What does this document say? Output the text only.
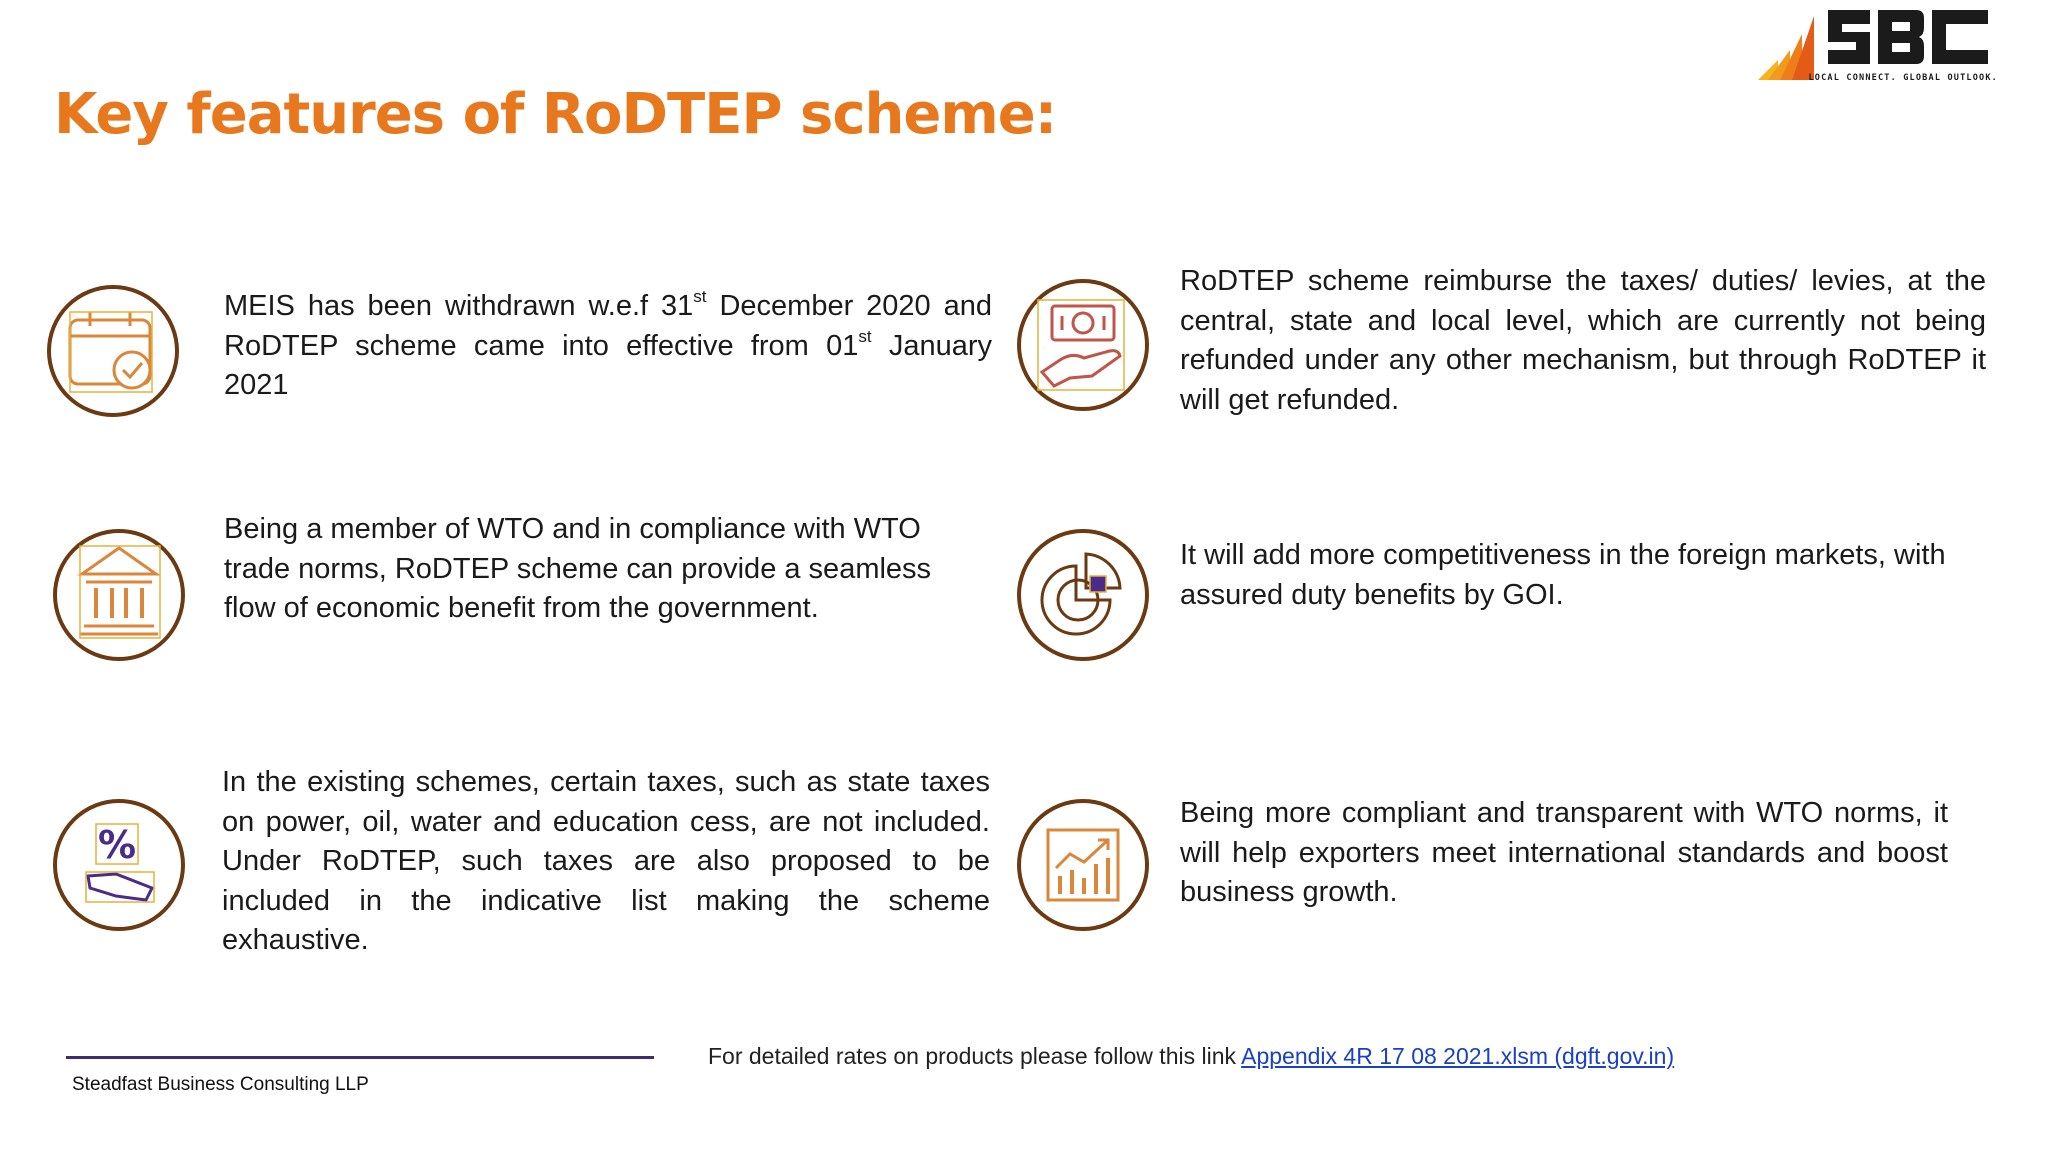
Key features of RoDTEP scheme:
LOCAL CONNECT. GLOBAL OUTLOOK.

MEIS has been withdrawn w.e.f 31st December 2020 and RoDTEP scheme came into effective from 01st January 2021

RoDTEP scheme reimburse the taxes/ duties/ levies, at the central, state and local level, which are currently not being refunded under any other mechanism, but through RoDTEP it will get refunded.

Being a member of WTO and in compliance with WTO trade norms, RoDTEP scheme can provide a seamless flow of economic benefit from the government.

It will add more competitiveness in the foreign markets, with assured duty benefits by GOI.

%

In the existing schemes, certain taxes, such as state taxes on power, oil, water and education cess, are not included. Under RoDTEP, such taxes are also proposed to be included in the indicative list making the scheme exhaustive.

Being more compliant and transparent with WTO norms, it will help exporters meet international standards and boost business growth.

Steadfast Business Consulting LLP
For detailed rates on products please follow this link Appendix 4R 17 08 2021.xlsm (dgft.gov.in)
